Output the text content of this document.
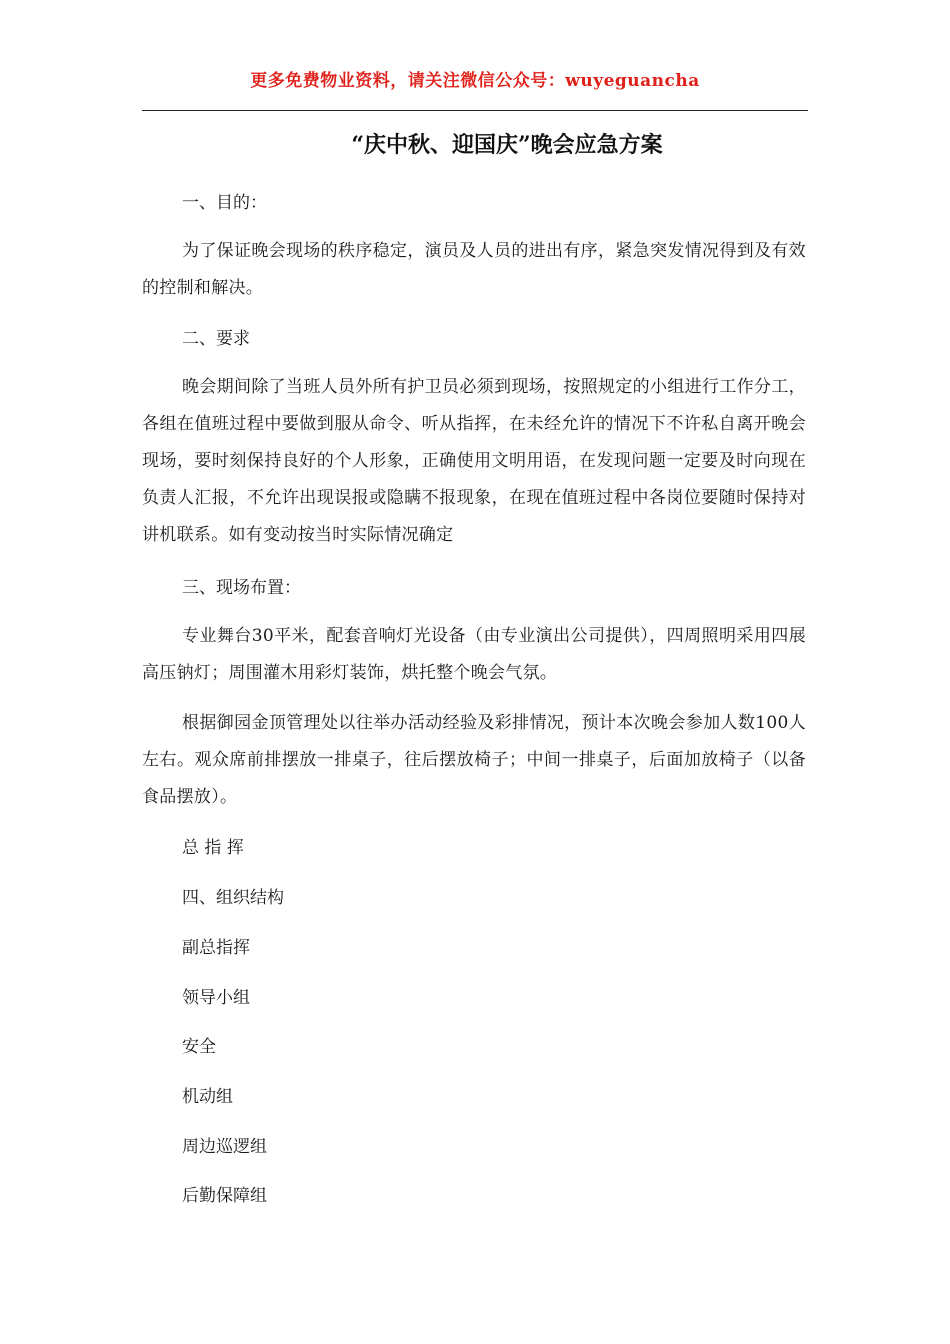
更多免费物业资料，请关注微信公众号：wuyeguancha
“庆中秋、迎国庆”晚会应急方案
一、目的：
为了保证晚会现场的秩序稳定，演员及人员的进出有序，紧急突发情况得到及有效的控制和解决。
二、要求
晚会期间除了当班人员外所有护卫员必须到现场，按照规定的小组进行工作分工，各组在值班过程中要做到服从命令、听从指挥，在未经允许的情况下不许私自离开晚会现场，要时刻保持良好的个人形象，正确使用文明用语，在发现问题一定要及时向现在负责人汇报，不允许出现误报或隐瞒不报现象，在现在值班过程中各岗位要随时保持对讲机联系。如有变动按当时实际情况确定
三、现场布置：
专业舞台30平米，配套音响灯光设备（由专业演出公司提供），四周照明采用四展高压钠灯；周围灌木用彩灯装饰，烘托整个晚会气氛。
根据御园金顶管理处以往举办活动经验及彩排情况，预计本次晚会参加人数100人左右。观众席前排摆放一排桌子，往后摆放椅子；中间一排桌子，后面加放椅子（以备食品摆放）。
总 指 挥
四、组织结构
副总指挥
领导小组
安全
机动组
周边巡逻组
后勤保障组
